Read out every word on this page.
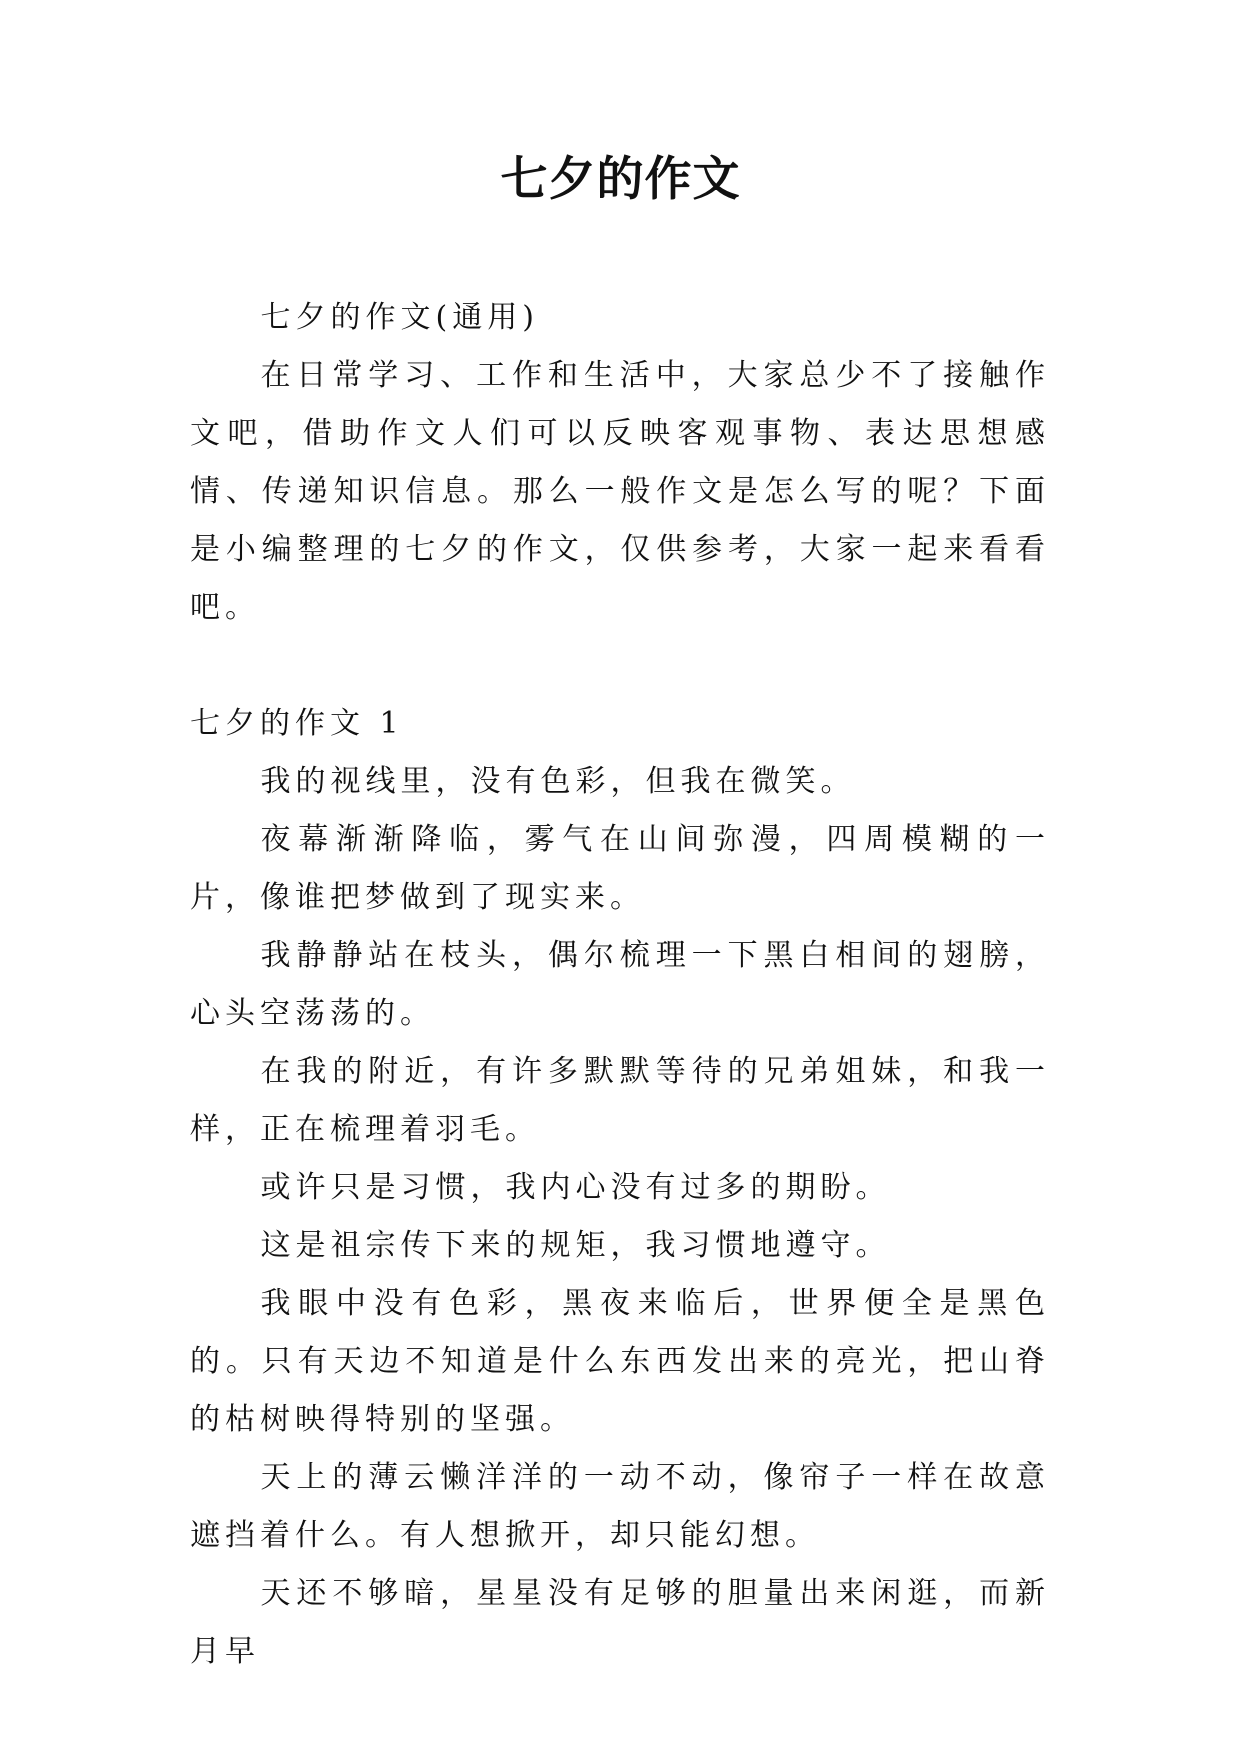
七夕的作文

七夕的作文(通用)

在日常学习、工作和生活中，大家总少不了接触作文吧，借助作文人们可以反映客观事物、表达思想感情、传递知识信息。那么一般作文是怎么写的呢？下面是小编整理的七夕的作文，仅供参考，大家一起来看看吧。

七夕的作文 1

我的视线里，没有色彩，但我在微笑。

夜幕渐渐降临，雾气在山间弥漫，四周模糊的一片，像谁把梦做到了现实来。

我静静站在枝头，偶尔梳理一下黑白相间的翅膀，心头空荡荡的。

在我的附近，有许多默默等待的兄弟姐妹，和我一样，正在梳理着羽毛。

或许只是习惯，我内心没有过多的期盼。

这是祖宗传下来的规矩，我习惯地遵守。

我眼中没有色彩，黑夜来临后，世界便全是黑色的。只有天边不知道是什么东西发出来的亮光，把山脊的枯树映得特别的坚强。

天上的薄云懒洋洋的一动不动，像帘子一样在故意遮挡着什么。有人想掀开，却只能幻想。

天还不够暗，星星没有足够的胆量出来闲逛，而新月早
